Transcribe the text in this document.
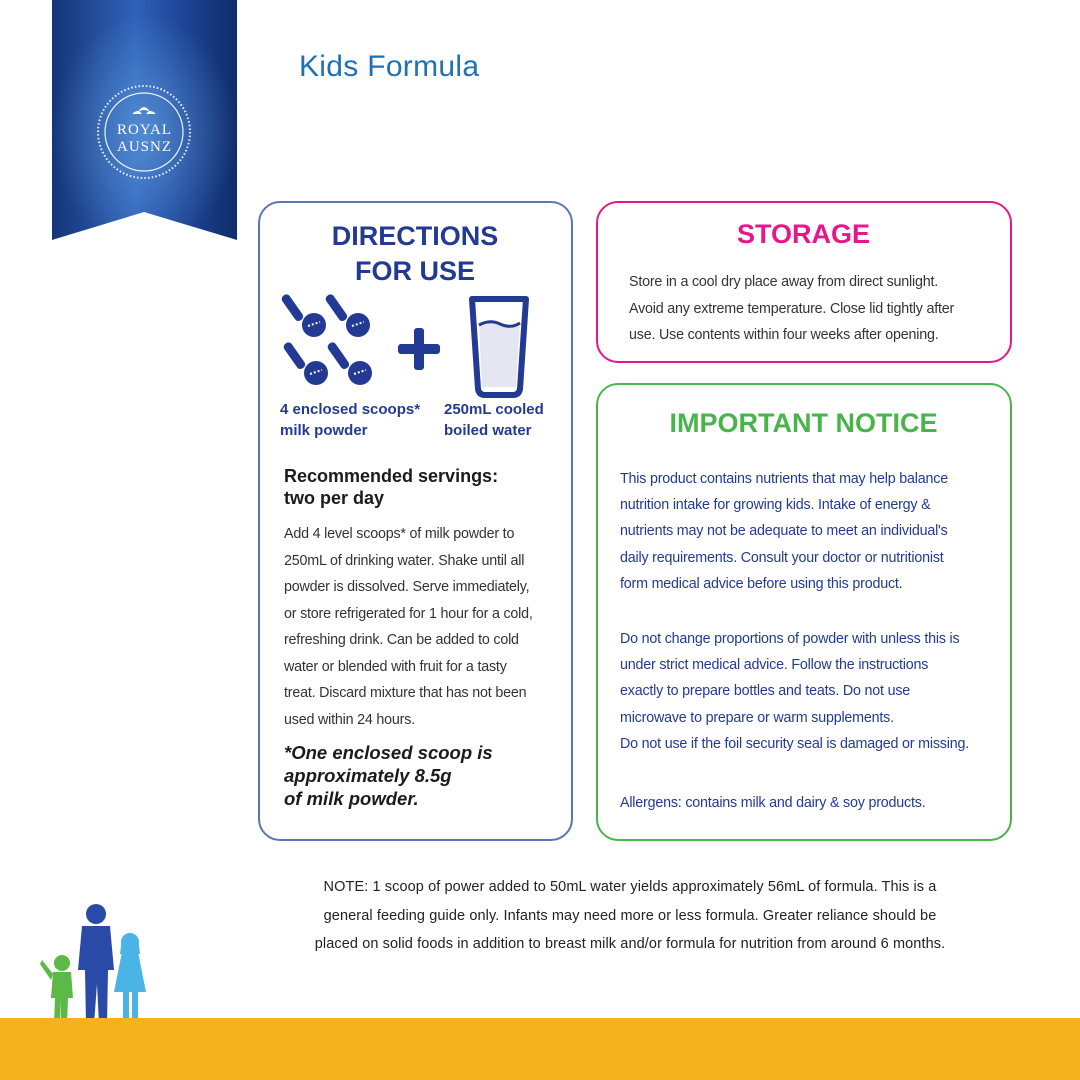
ROYAL
AUSNZ
Kids Formula
DIRECTIONS
FOR USE
4 enclosed scoops*
milk powder
250mL cooled
boiled water
Recommended servings:
two per day
Add 4 level scoops* of milk powder to
250mL of drinking water. Shake until all
powder is dissolved. Serve immediately,
or store refrigerated for 1 hour for a cold,
refreshing drink. Can be added to cold
water or blended with fruit for a tasty
treat. Discard mixture that has not been
used within 24 hours.
*One enclosed scoop is
approximately 8.5g
of milk powder.
STORAGE
Store in a cool dry place away from direct sunlight.
Avoid any extreme temperature. Close lid tightly after
use. Use contents within four weeks after opening.
IMPORTANT NOTICE
This product contains nutrients that may help balance
nutrition intake for growing kids. Intake of energy &
nutrients may not be adequate to meet an individual's
daily requirements. Consult your doctor or nutritionist
form medical advice before using this product.
Do not change proportions of powder with unless this is
under strict medical advice. Follow the instructions
exactly to prepare bottles and teats. Do not use
microwave to prepare or warm supplements.
Do not use if the foil security seal is damaged or missing.
Allergens: contains milk and dairy & soy products.
NOTE: 1 scoop of power added to 50mL water yields approximately 56mL of formula. This is a
general feeding guide only. Infants may need more or less formula. Greater reliance should be
placed on solid foods in addition to breast milk and/or formula for nutrition from around 6 months.
